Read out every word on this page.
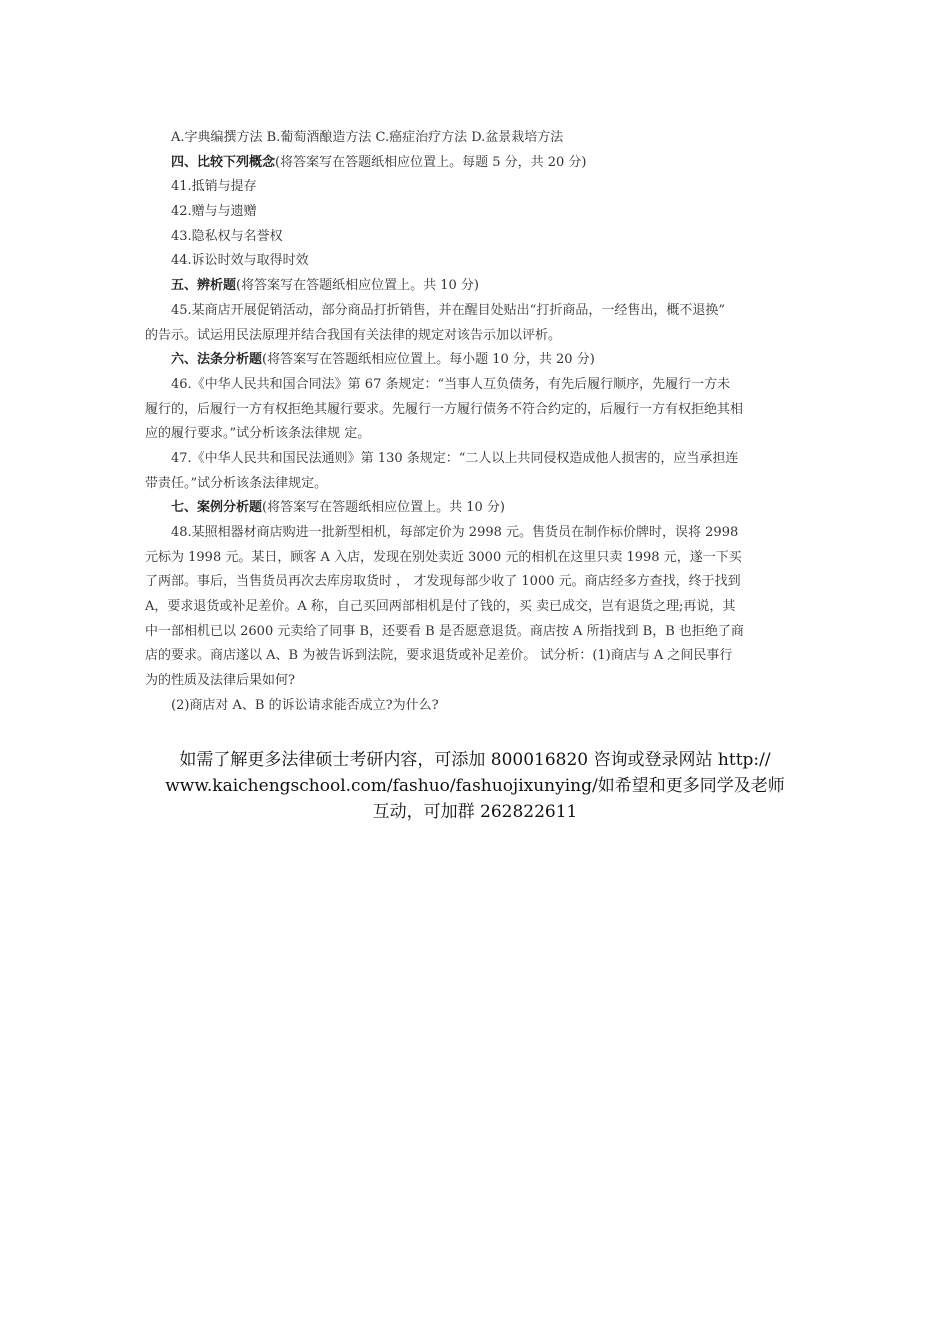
A.字典编撰方法 B.葡萄酒酿造方法 C.癌症治疗方法 D.盆景栽培方法
四、比较下列概念(将答案写在答题纸相应位置上。每题 5 分，共 20 分)
41.抵销与提存
42.赠与与遗赠
43.隐私权与名誉权
44.诉讼时效与取得时效
五、辨析题(将答案写在答题纸相应位置上。共 10 分)
45.某商店开展促销活动，部分商品打折销售，并在醒目处贴出“打折商品，一经售出，概不退换”
的告示。试运用民法原理并结合我国有关法律的规定对该告示加以评析。
六、法条分析题(将答案写在答题纸相应位置上。每小题 10 分，共 20 分)
46.《中华人民共和国合同法》第 67 条规定：“当事人互负债务，有先后履行顺序，先履行一方未
履行的，后履行一方有权拒绝其履行要求。先履行一方履行债务不符合约定的，后履行一方有权拒绝其相
应的履行要求。”试分析该条法律规 定。
47.《中华人民共和国民法通则》第 130 条规定：“二人以上共同侵权造成他人损害的，应当承担连
带责任。”试分析该条法律规定。
七、案例分析题(将答案写在答题纸相应位置上。共 10 分)
48.某照相器材商店购进一批新型相机，每部定价为 2998 元。售货员在制作标价牌时，误将 2998
元标为 1998 元。某日，顾客 A 入店，发现在别处卖近 3000 元的相机在这里只卖 1998 元，遂一下买
了两部。事后，当售货员再次去库房取货时 ， 才发现每部少收了 1000 元。商店经多方查找，终于找到
A，要求退货或补足差价。A 称，自己买回两部相机是付了钱的，买 卖已成交，岂有退货之理;再说，其
中一部相机已以 2600 元卖给了同事 B，还要看 B 是否愿意退货。商店按 A 所指找到 B，B 也拒绝了商
店的要求。商店遂以 A、B 为被告诉到法院，要求退货或补足差价。 试分析：(1)商店与 A 之间民事行
为的性质及法律后果如何?
(2)商店对 A、B 的诉讼请求能否成立?为什么?
如需了解更多法律硕士考研内容，可添加 800016820 咨询或登录网站 http://
www.kaichengschool.com/fashuo/fashuojixunying/如希望和更多同学及老师
互动，可加群 262822611
